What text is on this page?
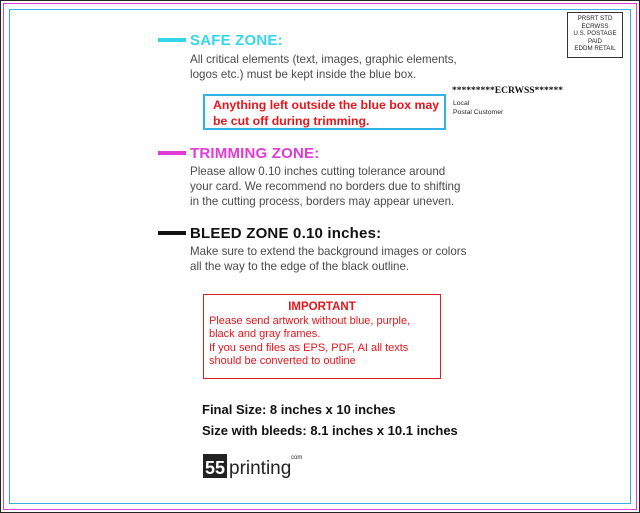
PRSRT STD
ECRWSS
U.S. POSTAGE
PAID
EDDM RETAIL
*********ECRWSS******
Local
Postal Customer
SAFE ZONE:
All critical elements (text, images, graphic elements,
logos etc.) must be kept inside the blue box.
Anything left outside the blue box may
be cut off during trimming.
TRIMMING ZONE:
Please allow 0.10 inches cutting tolerance around
your card. We recommend no borders due to shifting
in the cutting process, borders may appear uneven.
BLEED ZONE 0.10 inches:
Make sure to extend the background images or colors
all the way to the edge of the black outline.
IMPORTANT
Please send artwork without blue, purple,
black and gray frames.
If you send files as EPS, PDF, AI all texts
should be converted to outline
Final Size: 8 inches x 10 inches
Size with bleeds: 8.1 inches x 10.1 inches
55 printing com
